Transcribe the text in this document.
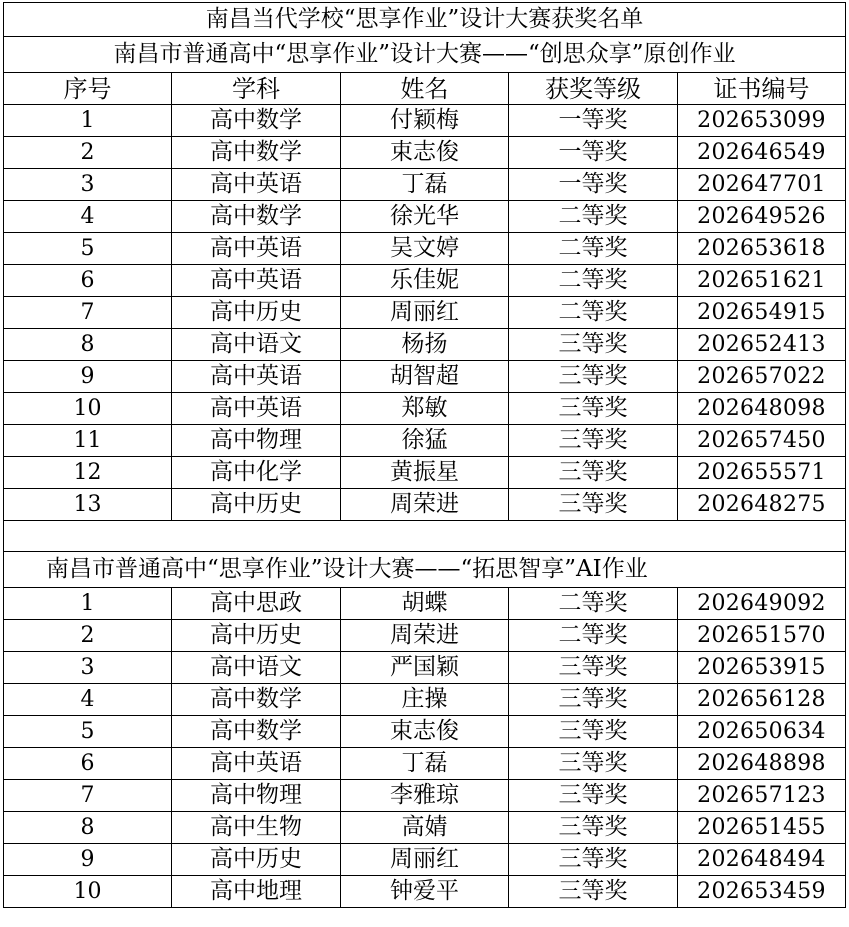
南昌当代学校“思享作业”设计大赛获奖名单				
南昌市普通高中“思享作业”设计大赛——“创思众享”原创作业				
序号	学科	姓名	获奖等级	证书编号
1	高中数学	付颖梅	一等奖	202653099
2	高中数学	束志俊	一等奖	202646549
3	高中英语	丁磊	一等奖	202647701
4	高中数学	徐光华	二等奖	202649526
5	高中英语	吴文婷	二等奖	202653618
6	高中英语	乐佳妮	二等奖	202651621
7	高中历史	周丽红	二等奖	202654915
8	高中语文	杨扬	三等奖	202652413
9	高中英语	胡智超	三等奖	202657022
10	高中英语	郑敏	三等奖	202648098
11	高中物理	徐猛	三等奖	202657450
12	高中化学	黄振星	三等奖	202655571
13	高中历史	周荣进	三等奖	202648275

南昌市普通高中“思享作业”设计大赛——“拓思智享”AI作业				
1	高中思政	胡蝶	二等奖	202649092
2	高中历史	周荣进	二等奖	202651570
3	高中语文	严国颖	三等奖	202653915
4	高中数学	庄操	三等奖	202656128
5	高中数学	束志俊	三等奖	202650634
6	高中英语	丁磊	三等奖	202648898
7	高中物理	李雅琼	三等奖	202657123
8	高中生物	高婧	三等奖	202651455
9	高中历史	周丽红	三等奖	202648494
10	高中地理	钟爱平	三等奖	202653459
